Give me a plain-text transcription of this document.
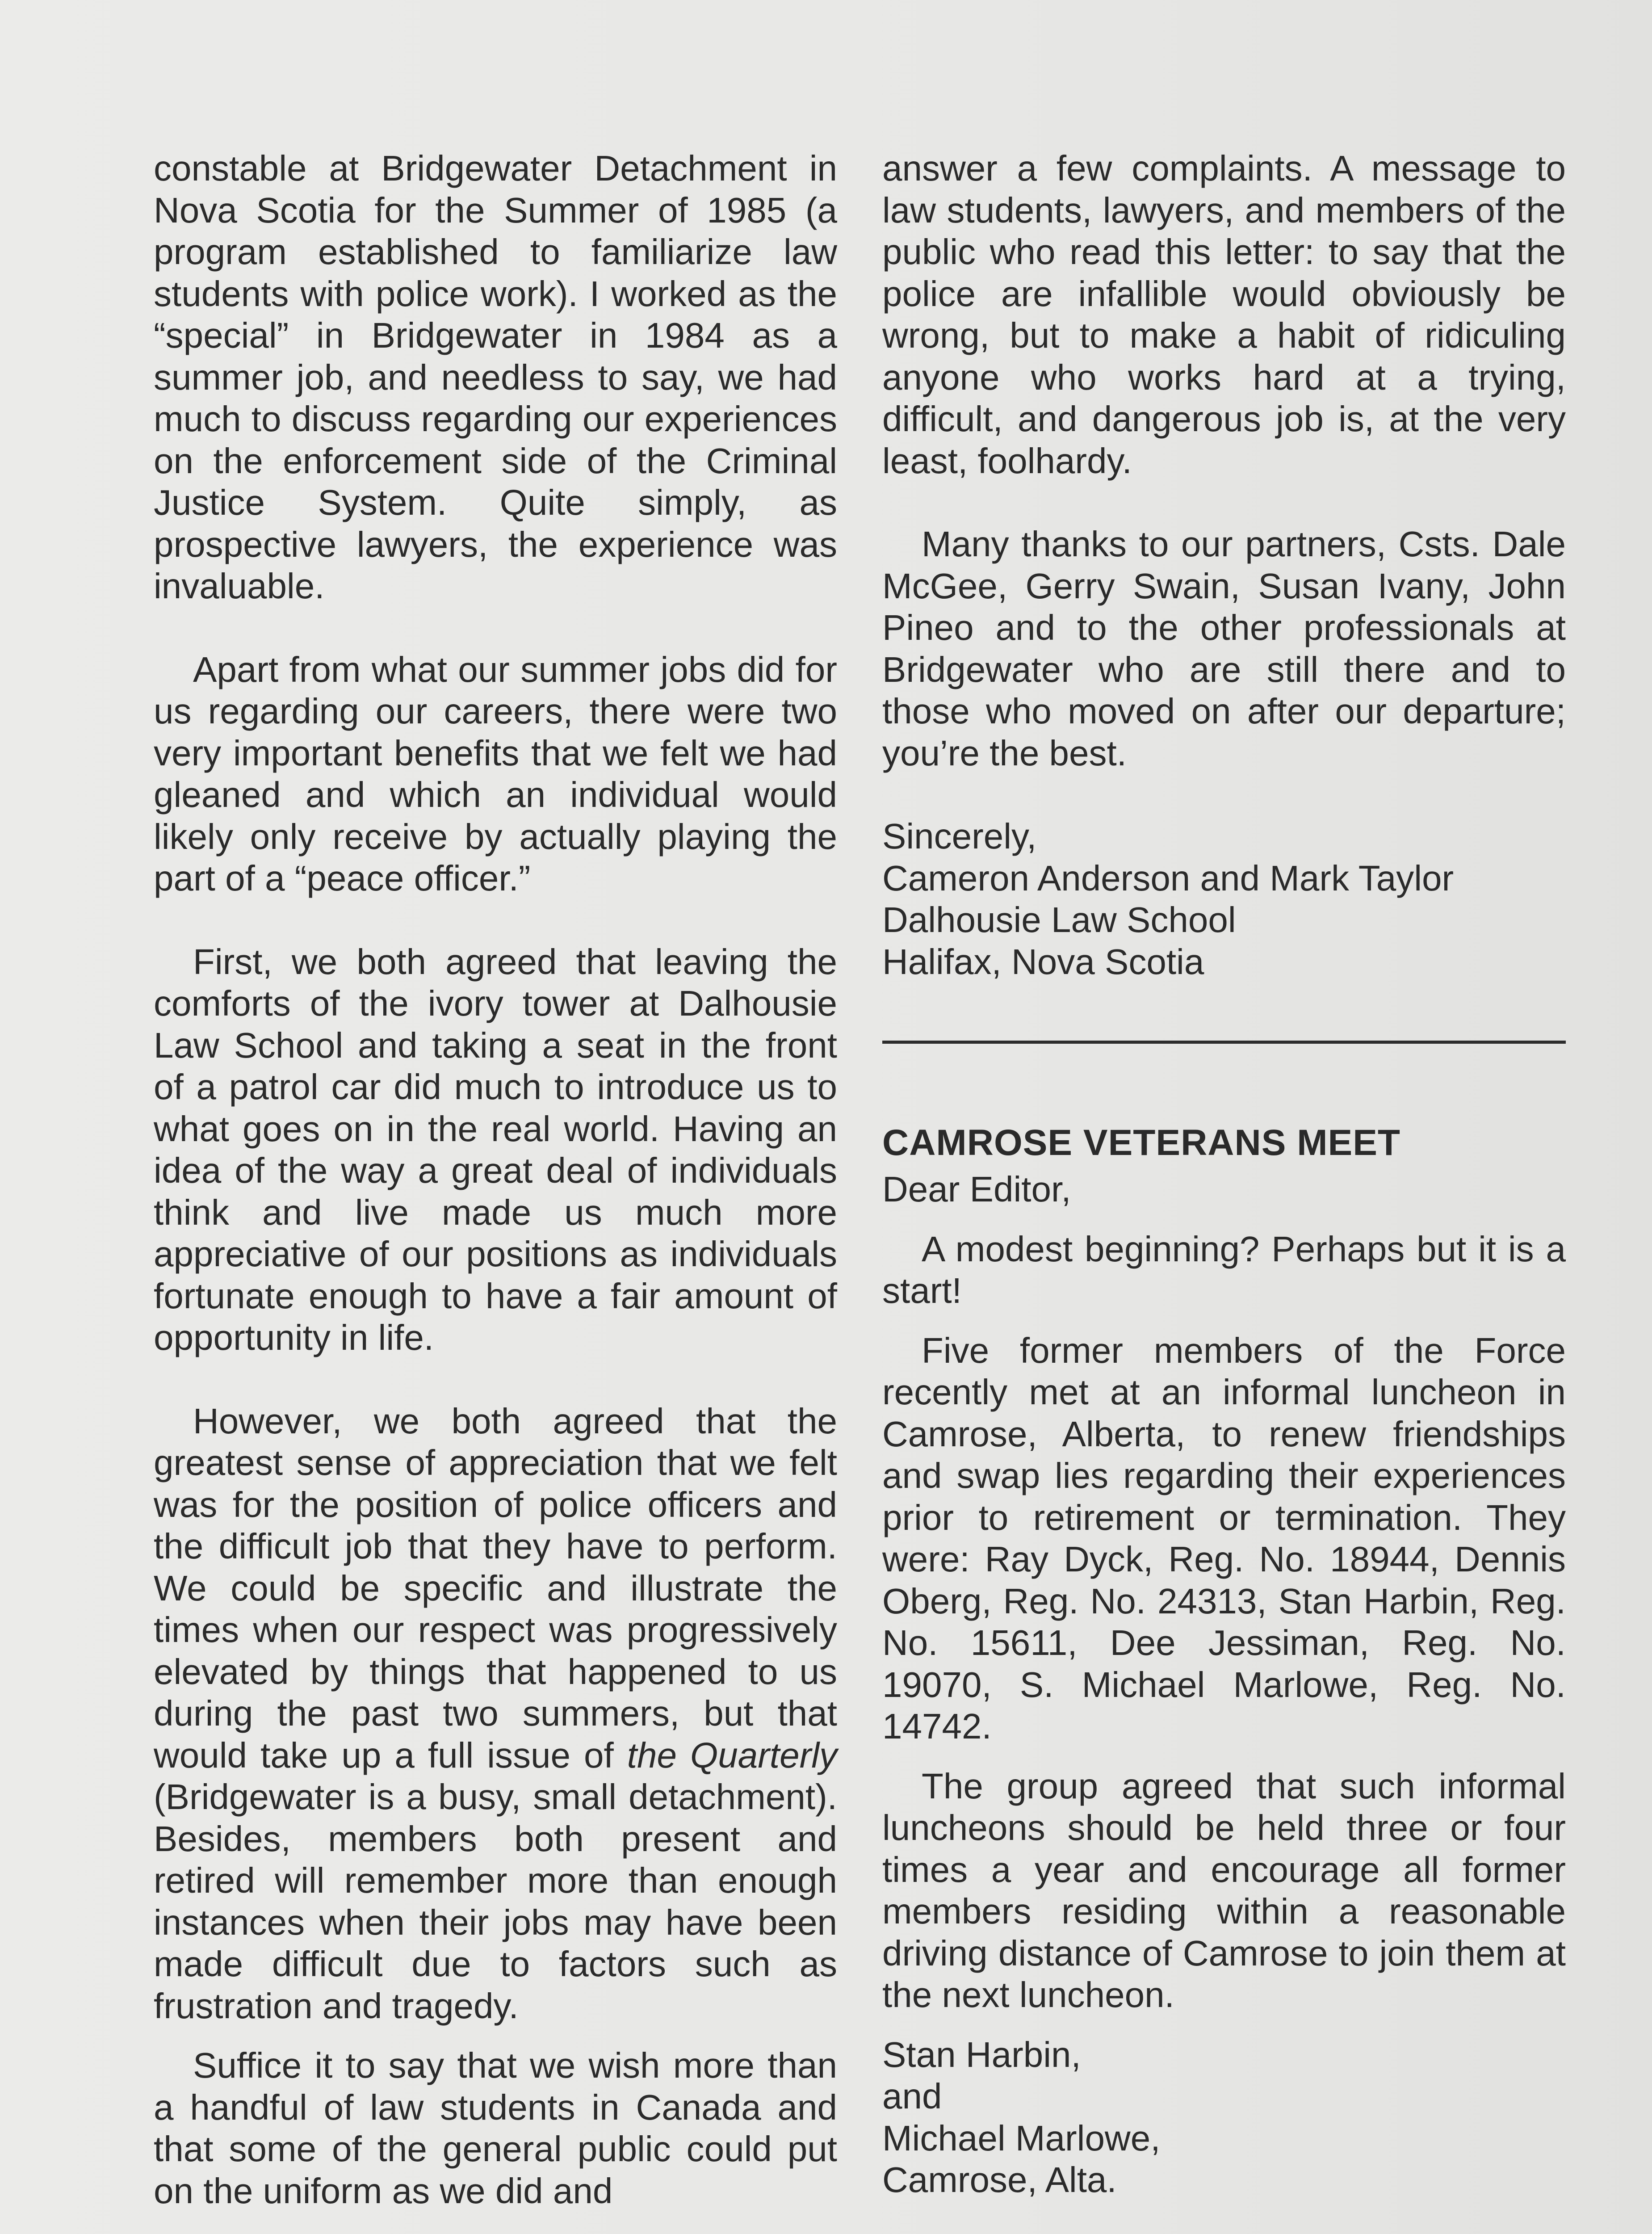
constable at Bridgewater Detachment in Nova Scotia for the Summer of 1985 (a program established to familiarize law students with police work). I worked as the “special” in Bridgewater in 1984 as a summer job, and needless to say, we had much to discuss regarding our experiences on the enforcement side of the Criminal Justice System. Quite simply, as prospective lawyers, the experience was invaluable.

Apart from what our summer jobs did for us regarding our careers, there were two very important benefits that we felt we had gleaned and which an individual would likely only receive by actually playing the part of a “peace officer.”

First, we both agreed that leaving the comforts of the ivory tower at Dalhousie Law School and taking a seat in the front of a patrol car did much to introduce us to what goes on in the real world. Having an idea of the way a great deal of individuals think and live made us much more appreciative of our positions as individuals fortunate enough to have a fair amount of opportunity in life.

However, we both agreed that the greatest sense of appreciation that we felt was for the position of police officers and the difficult job that they have to perform. We could be specific and illustrate the times when our respect was progressively elevated by things that happened to us during the past two summers, but that would take up a full issue of the Quarterly (Bridgewater is a busy, small detachment). Besides, members both present and retired will remember more than enough instances when their jobs may have been made difficult due to factors such as frustration and tragedy.

Suffice it to say that we wish more than a handful of law students in Canada and that some of the general public could put on the uniform as we did and

answer a few complaints. A message to law students, lawyers, and members of the public who read this letter: to say that the police are infallible would obviously be wrong, but to make a habit of ridiculing anyone who works hard at a trying, difficult, and dangerous job is, at the very least, foolhardy.

Many thanks to our partners, Csts. Dale McGee, Gerry Swain, Susan Ivany, John Pineo and to the other professionals at Bridgewater who are still there and to those who moved on after our departure; you’re the best.

Sincerely,
Cameron Anderson and Mark Taylor
Dalhousie Law School
Halifax, Nova Scotia
CAMROSE VETERANS MEET

Dear Editor,

A modest beginning? Perhaps but it is a start!

Five former members of the Force recently met at an informal luncheon in Camrose, Alberta, to renew friendships and swap lies regarding their experiences prior to retirement or termination. They were: Ray Dyck, Reg. No. 18944, Dennis Oberg, Reg. No. 24313, Stan Harbin, Reg. No. 15611, Dee Jessiman, Reg. No. 19070, S. Michael Marlowe, Reg. No. 14742.

The group agreed that such informal luncheons should be held three or four times a year and encourage all former members residing within a reasonable driving distance of Camrose to join them at the next luncheon.

Stan Harbin,
and
Michael Marlowe,
Camrose, Alta.
